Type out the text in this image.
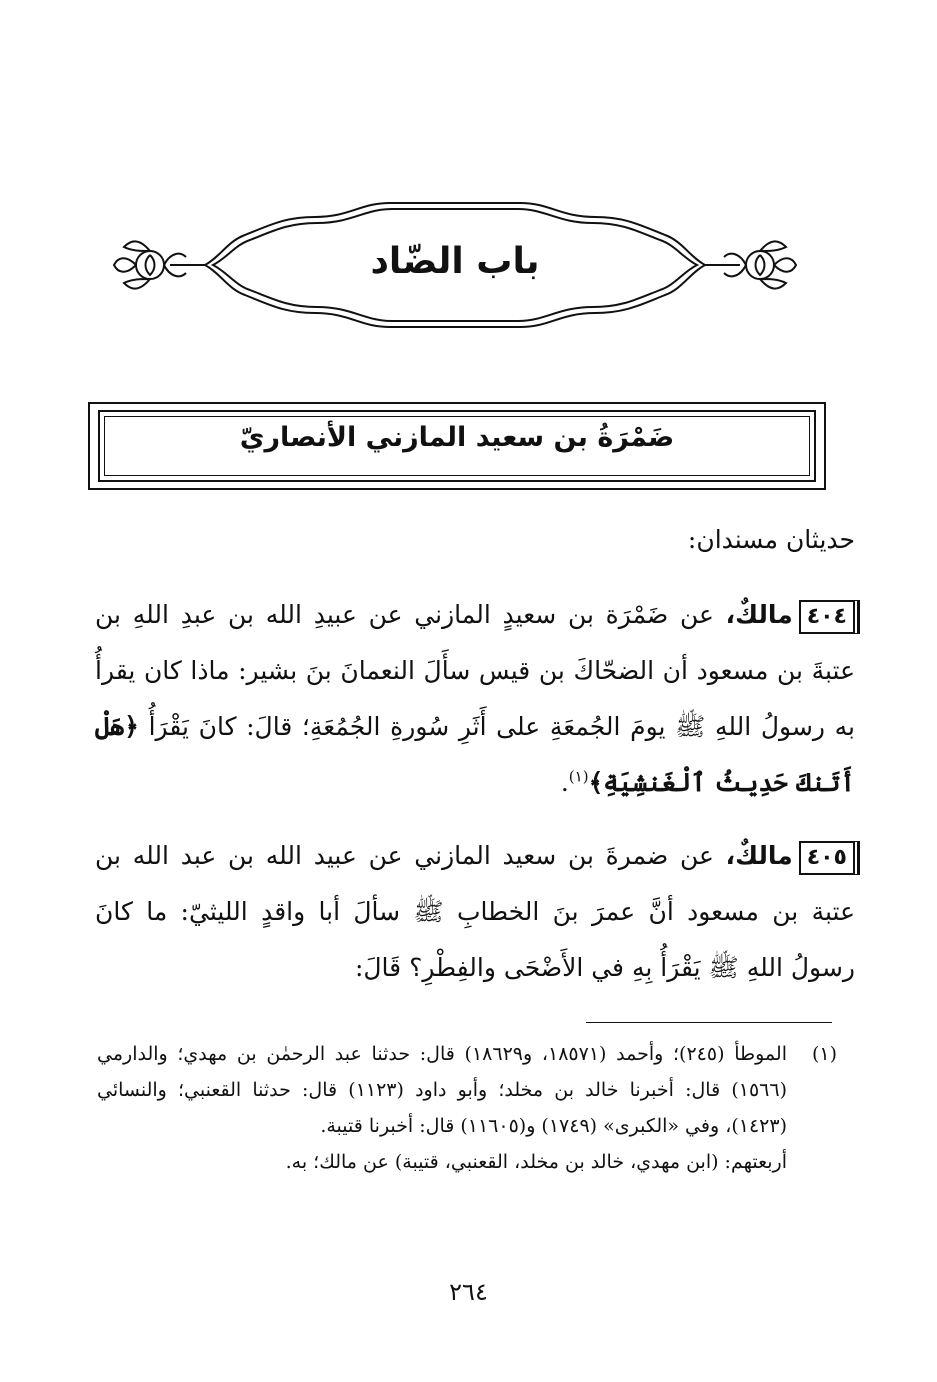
باب الضّاد
ضَمْرَةُ بن سعيد المازني الأنصاريّ
حديثان مسندان:
٤٠٤مالكٌ، عن ضَمْرَة بن سعيدٍ المازني عن عبيدِ الله بن عبدِ اللهِ بن عتبةَ بن مسعود أن الضحّاكَ بن قيس سأَلَ النعمانَ بنَ بشير: ماذا كان يقرأُ به رسولُ اللهِ ﷺ يومَ الجُمعَةِ على أَثَرِ سُورةِ الجُمُعَةِ؛ قالَ: كانَ يَقْرَأُ ﴿هَلْ أَتَنكَ حَدِيثُ ٱلْغَنشِيَةِ﴾$^{(١)}$.
٤٠٥مالكٌ، عن ضمرةَ بن سعيد المازني عن عبيد الله بن عبد الله بن عتبة بن مسعود أنَّ عمرَ بنَ الخطابِ ﷺ سألَ أبا واقدٍ الليثيّ: ما كانَ رسولُ اللهِ ﷺ يَقْرَأُ بِهِ في الأَضْحَى والفِطْرِ؟ قَالَ:
(١)
الموطأ (٢٤٥)؛ وأحمد (١٨٥٧١، و١٨٦٢٩) قال: حدثنا عبد الرحمٰن بن مهدي؛ والدارمي (١٥٦٦) قال: أخبرنا خالد بن مخلد؛ وأبو داود (١١٢٣) قال: حدثنا القعنبي؛ والنسائي (١٤٢٣)، وفي «الكبرى» (١٧٤٩) و(١١٦٠٥) قال: أخبرنا قتيبة.
أربعتهم: (ابن مهدي، خالد بن مخلد، القعنبي، قتيبة) عن مالك؛ به.
٢٦٤
